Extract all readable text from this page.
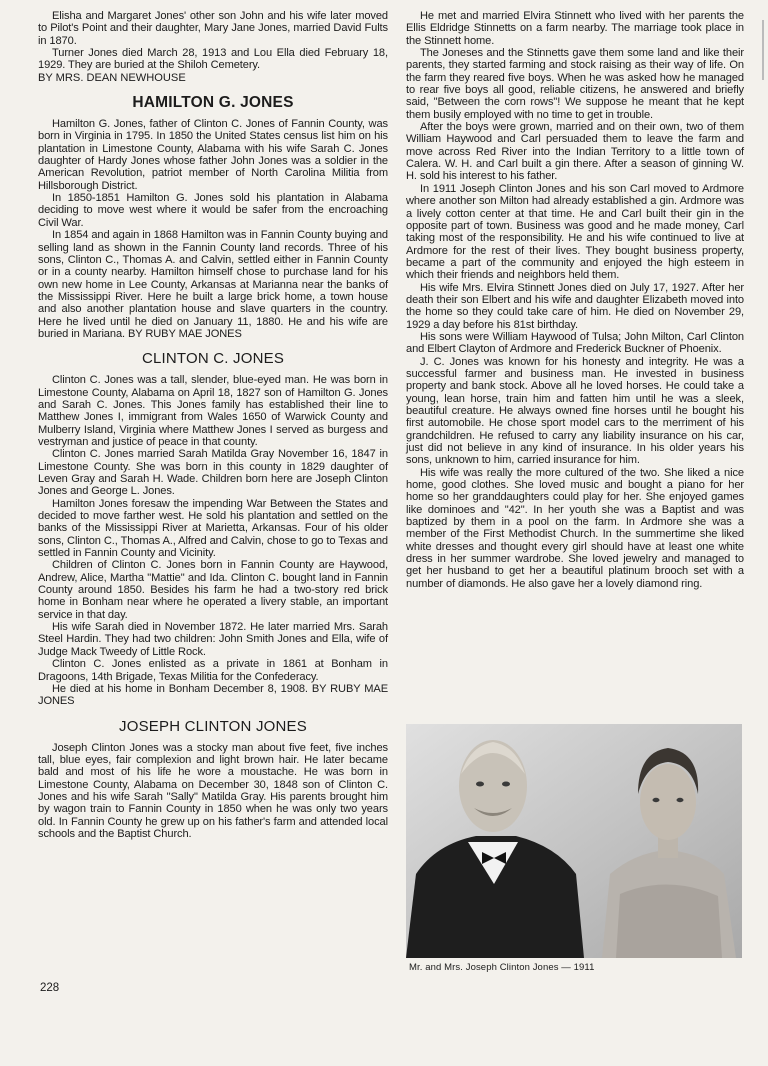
Elisha and Margaret Jones' other son John and his wife later moved to Pilot's Point and their daughter, Mary Jane Jones, married David Fults in 1870.

Turner Jones died March 28, 1913 and Lou Ella died February 18, 1929. They are buried at the Shiloh Cemetery.

BY MRS. DEAN NEWHOUSE
HAMILTON G. JONES

Hamilton G. Jones, father of Clinton C. Jones of Fannin County, was born in Virginia in 1795. In 1850 the United States census list him on his plantation in Limestone County, Alabama with his wife Sarah C. Jones daughter of Hardy Jones whose father John Jones was a soldier in the American Revolution, patriot member of North Carolina Militia from Hillsborough District.

In 1850-1851 Hamilton G. Jones sold his plantation in Alabama deciding to move west where it would be safer from the encroaching Civil War.

In 1854 and again in 1868 Hamilton was in Fannin County buying and selling land as shown in the Fannin County land records. Three of his sons, Clinton C., Thomas A. and Calvin, settled either in Fannin County or in a county nearby. Hamilton himself chose to purchase land for his own new home in Lee County, Arkansas at Marianna near the banks of the Mississippi River. Here he built a large brick home, a town house and also another plantation house and slave quarters in the country. Here he lived until he died on January 11, 1880. He and his wife are buried in Mariana. BY RUBY MAE JONES

CLINTON C. JONES

Clinton C. Jones was a tall, slender, blue-eyed man. He was born in Limestone County, Alabama on April 18, 1827 son of Hamilton G. Jones and Sarah C. Jones. This Jones family has established their line to Matthew Jones I, immigrant from Wales 1650 of Warwick County and Mulberry Island, Virginia where Matthew Jones I served as burgess and vestryman and justice of peace in that county.

Clinton C. Jones married Sarah Matilda Gray November 16, 1847 in Limestone County. She was born in this county in 1829 daughter of Leven Gray and Sarah H. Wade. Children born here are Joseph Clinton Jones and George L. Jones.

Hamilton Jones foresaw the impending War Between the States and decided to move farther west. He sold his plantation and settled on the banks of the Mississippi River at Marietta, Arkansas. Four of his older sons, Clinton C., Thomas A., Alfred and Calvin, chose to go to Texas and settled in Fannin County and Vicinity.

Children of Clinton C. Jones born in Fannin County are Haywood, Andrew, Alice, Martha "Mattie" and Ida. Clinton C. bought land in Fannin County around 1850. Besides his farm he had a two-story red brick home in Bonham near where he operated a livery stable, an important service in that day.

His wife Sarah died in November 1872. He later married Mrs. Sarah Steel Hardin. They had two children: John Smith Jones and Ella, wife of Judge Mack Tweedy of Little Rock.

Clinton C. Jones enlisted as a private in 1861 at Bonham in Dragoons, 14th Brigade, Texas Militia for the Confederacy.

He died at his home in Bonham December 8, 1908. BY RUBY MAE JONES

JOSEPH CLINTON JONES

Joseph Clinton Jones was a stocky man about five feet, five inches tall, blue eyes, fair complexion and light brown hair. He later became bald and most of his life he wore a moustache. He was born in Limestone County, Alabama on December 30, 1848 son of Clinton C. Jones and his wife Sarah "Sally" Matilda Gray. His parents brought him by wagon train to Fannin County in 1850 when he was only two years old. In Fannin County he grew up on his father's farm and attended local schools and the Baptist Church.

He met and married Elvira Stinnett who lived with her parents the Ellis Eldridge Stinnetts on a farm nearby. The marriage took place in the Stinnett home.

The Joneses and the Stinnetts gave them some land and like their parents, they started farming and stock raising as their way of life. On the farm they reared five boys. When he was asked how he managed to rear five boys all good, reliable citizens, he answered and briefly said, "Between the corn rows"! We suppose he meant that he kept them busily employed with no time to get in trouble.

After the boys were grown, married and on their own, two of them William Haywood and Carl persuaded them to leave the farm and move across Red River into the Indian Territory to a little town of Calera. W. H. and Carl built a gin there. After a season of ginning W. H. sold his interest to his father.

In 1911 Joseph Clinton Jones and his son Carl moved to Ardmore where another son Milton had already established a gin. Ardmore was a lively cotton center at that time. He and Carl built their gin in the opposite part of town. Business was good and he made money, Carl taking most of the responsibility. He and his wife continued to live at Ardmore for the rest of their lives. They bought business property, became a part of the community and enjoyed the high esteem in which their friends and neighbors held them.

His wife Mrs. Elvira Stinnett Jones died on July 17, 1927. After her death their son Elbert and his wife and daughter Elizabeth moved into the home so they could take care of him. He died on November 29, 1929 a day before his 81st birthday.

His sons were William Haywood of Tulsa; John Milton, Carl Clinton and Elbert Clayton of Ardmore and Frederick Buckner of Phoenix.

J. C. Jones was known for his honesty and integrity. He was a successful farmer and business man. He invested in business property and bank stock. Above all he loved horses. He could take a young, lean horse, train him and fatten him until he was a sleek, beautiful creature. He always owned fine horses until he bought his first automobile. He chose sport model cars to the merriment of his grandchildren. He refused to carry any liability insurance on his car, just did not believe in any kind of insurance. In his older years his sons, unknown to him, carried insurance for him.

His wife was really the more cultured of the two. She liked a nice home, good clothes. She loved music and bought a piano for her home so her granddaughters could play for her. She enjoyed games like dominoes and "42". In her youth she was a Baptist and was baptized by them in a pool on the farm. In Ardmore she was a member of the First Methodist Church. In the summertime she liked white dresses and thought every girl should have at least one white dress in her summer wardrobe. She loved jewelry and managed to get her husband to get her a beautiful platinum brooch set with a number of diamonds. He also gave her a lovely diamond ring.

Mr. and Mrs. Joseph Clinton Jones — 1911
228
